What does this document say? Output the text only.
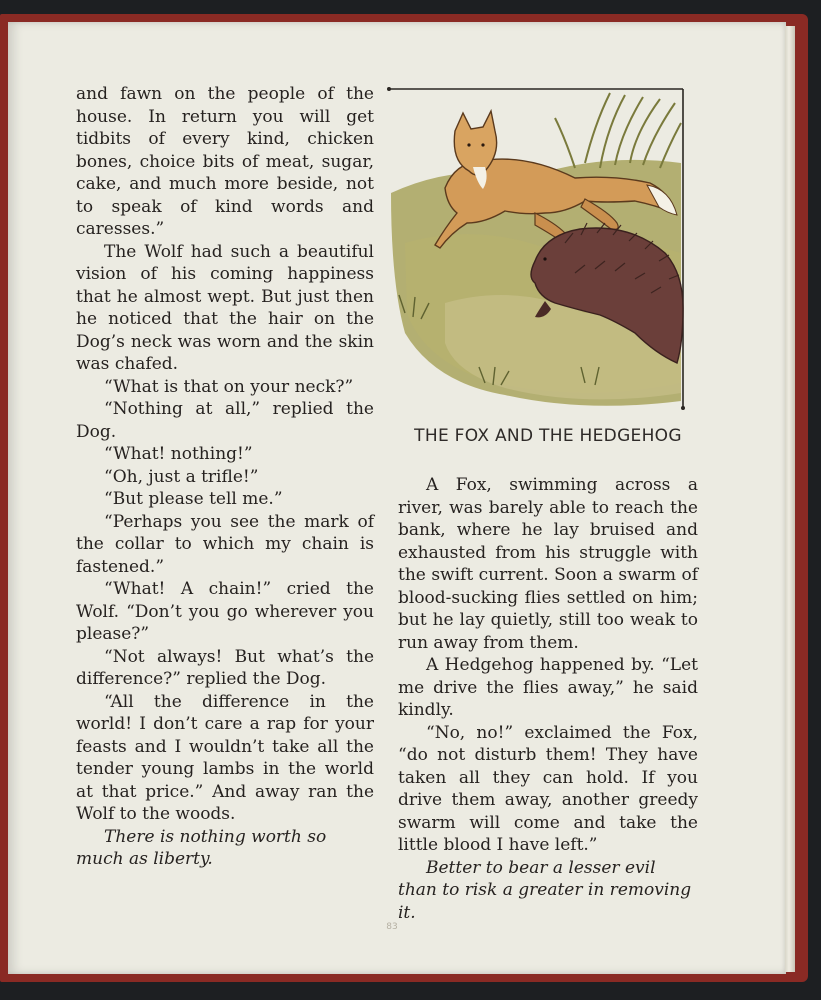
and fawn on the people of the house. In return you will get tidbits of every kind, chicken bones, choice bits of meat, sugar, cake, and much more beside, not to speak of kind words and caresses.”

The Wolf had such a beautiful vision of his coming happiness that he almost wept. But just then he noticed that the hair on the Dog’s neck was worn and the skin was chafed.

“What is that on your neck?”

“Nothing at all,” replied the Dog.

“What! nothing!”

“Oh, just a trifle!”

“But please tell me.”

“Perhaps you see the mark of the collar to which my chain is fastened.”

“What! A chain!” cried the Wolf. “Don’t you go wherever you please?”

“Not always! But what’s the difference?” replied the Dog.

“All the difference in the world! I don’t care a rap for your feasts and I wouldn’t take all the tender young lambs in the world at that price.” And away ran the Wolf to the woods.

There is nothing worth so much as liberty.

THE FOX AND THE HEDGEHOG

A Fox, swimming across a river, was barely able to reach the bank, where he lay bruised and exhausted from his struggle with the swift current. Soon a swarm of blood-sucking flies settled on him; but he lay quietly, still too weak to run away from them.

A Hedgehog happened by. “Let me drive the flies away,” he said kindly.

“No, no!” exclaimed the Fox, “do not disturb them! They have taken all they can hold. If you drive them away, another greedy swarm will come and take the little blood I have left.”

Better to bear a lesser evil than to risk a greater in removing it.

83
